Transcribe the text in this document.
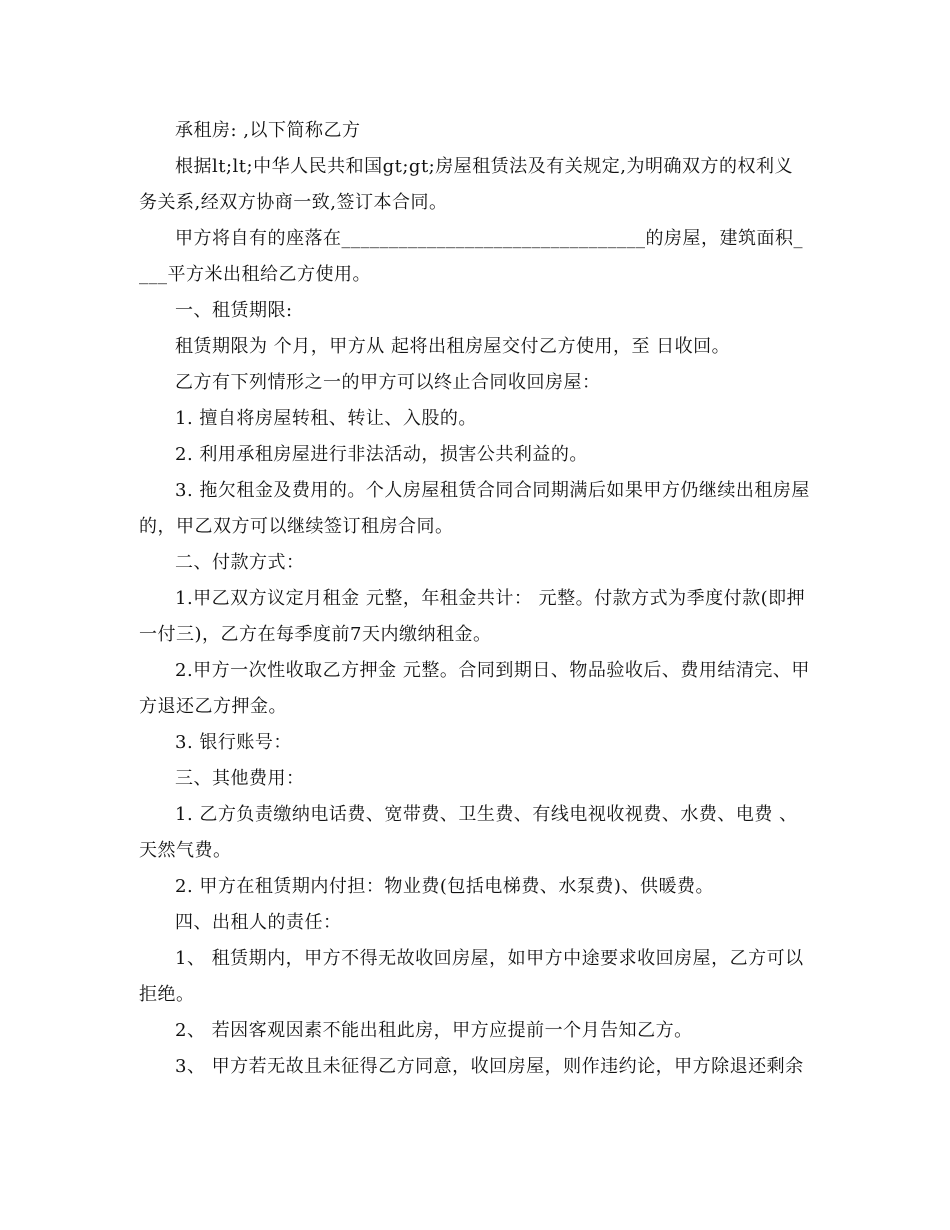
承租房: ,以下简称乙方

根据lt;lt;中华人民共和国gt;gt;房屋租赁法及有关规定,为明确双方的权利义务关系,经双方协商一致,签订本合同。

甲方将自有的座落在________________________________的房屋，建筑面积____平方米出租给乙方使用。

一、租赁期限:

租赁期限为 个月，甲方从 起将出租房屋交付乙方使用，至 日收回。

乙方有下列情形之一的甲方可以终止合同收回房屋：

1. 擅自将房屋转租、转让、入股的。

2. 利用承租房屋进行非法活动，损害公共利益的。

3. 拖欠租金及费用的。个人房屋租赁合同合同期满后如果甲方仍继续出租房屋的，甲乙双方可以继续签订租房合同。

二、付款方式：

1.甲乙双方议定月租金 元整，年租金共计： 元整。付款方式为季度付款(即押一付三)，乙方在每季度前7天内缴纳租金。

2.甲方一次性收取乙方押金 元整。合同到期日、物品验收后、费用结清完、甲方退还乙方押金。

3. 银行账号：

三、其他费用：

1. 乙方负责缴纳电话费、宽带费、卫生费、有线电视收视费、水费、电费 、天然气费。

2. 甲方在租赁期内付担：物业费(包括电梯费、水泵费)、供暖费。

四、出租人的责任：

1、 租赁期内，甲方不得无故收回房屋，如甲方中途要求收回房屋，乙方可以拒绝。

2、 若因客观因素不能出租此房，甲方应提前一个月告知乙方。

3、 甲方若无故且未征得乙方同意，收回房屋，则作违约论，甲方除退还剩余
